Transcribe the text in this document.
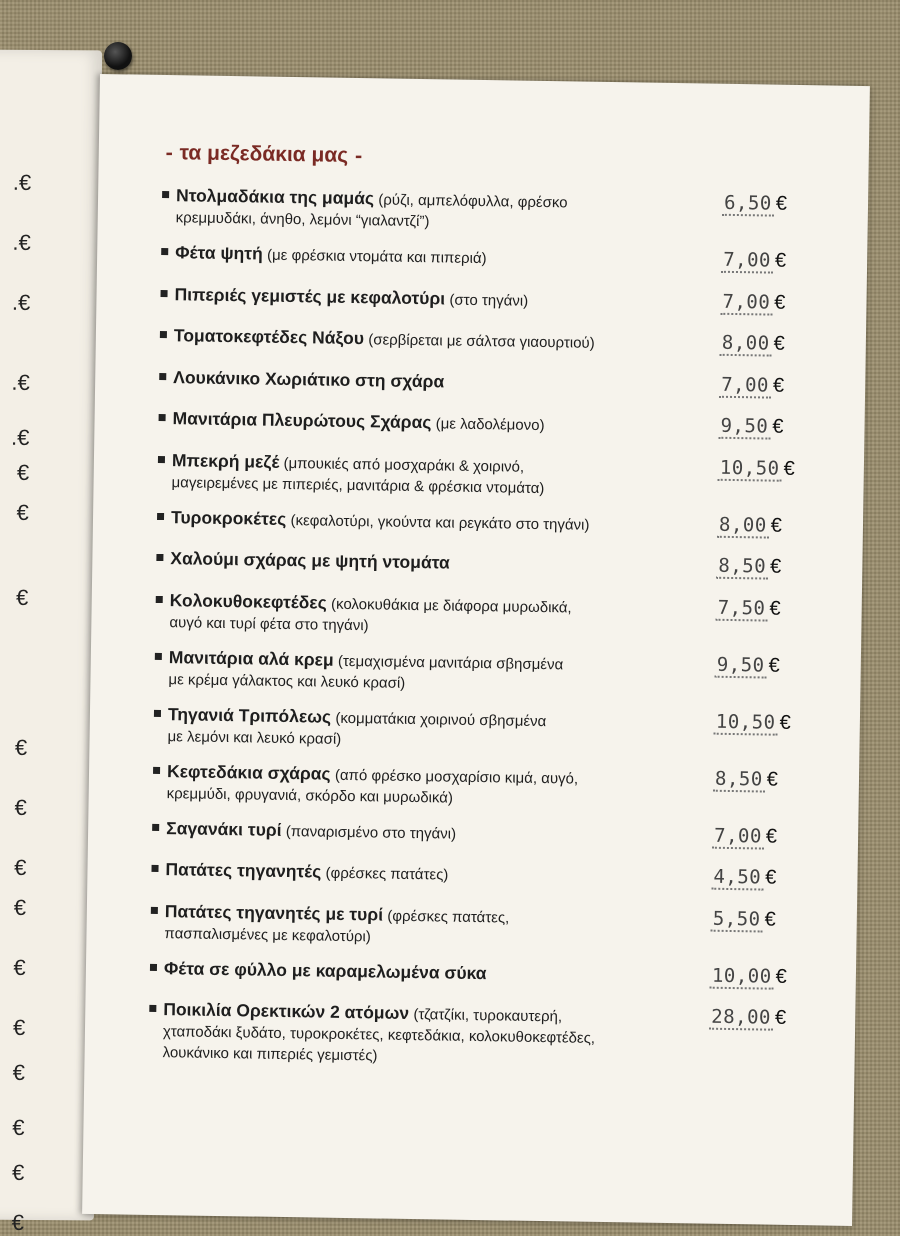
.€
.€
.€
.€
.€
€
€
€
€
€
€
€
€
€
€
€
€
€
⁃ τα μεζεδάκια μας ⁃
Ντολμαδάκια της μαμάς (ρύζι, αμπελόφυλλα, φρέσκο
κρεμμυδάκι, άνηθο, λεμόνι “γιαλαντζί”)
6,50 €
Φέτα ψητή (με φρέσκια ντομάτα και πιπεριά)	7,00 €
Πιπεριές γεμιστές με κεφαλοτύρι (στο τηγάνι)	7,00 €
Τοματοκεφτέδες Νάξου (σερβίρεται με σάλτσα γιαουρτιού)	8,00 €
Λουκάνικο Χωριάτικο στη σχάρα	7,00 €
Μανιτάρια Πλευρώτους Σχάρας (με λαδολέμονο)	9,50 €
Μπεκρή μεζέ (μπουκιές από μοσχαράκι & χοιρινό,
μαγειρεμένες με πιπεριές, μανιτάρια & φρέσκια ντομάτα)
10,50 €
Τυροκροκέτες (κεφαλοτύρι, γκούντα και ρεγκάτο στο τηγάνι)	8,00 €
Χαλούμι σχάρας με ψητή ντομάτα	8,50 €
Κολοκυθοκεφτέδες (κολοκυθάκια με διάφορα μυρωδικά,
αυγό και τυρί φέτα στο τηγάνι)
7,50 €
Μανιτάρια αλά κρεμ (τεμαχισμένα μανιτάρια σβησμένα
με κρέμα γάλακτος και λευκό κρασί)
9,50 €
Τηγανιά Τριπόλεως (κομματάκια χοιρινού σβησμένα
με λεμόνι και λευκό κρασί)
10,50 €
Κεφτεδάκια σχάρας (από φρέσκο μοσχαρίσιο κιμά, αυγό,
κρεμμύδι, φρυγανιά, σκόρδο και μυρωδικά)
8,50 €
Σαγανάκι τυρί (παναρισμένο στο τηγάνι)	7,00 €
Πατάτες τηγανητές (φρέσκες πατάτες)	4,50 €
Πατάτες τηγανητές με τυρί (φρέσκες πατάτες,
πασπαλισμένες με κεφαλοτύρι)
5,50 €
Φέτα σε φύλλο με καραμελωμένα σύκα	10,00 €
Ποικιλία Ορεκτικών 2 ατόμων (τζατζίκι, τυροκαυτερή,
χταποδάκι ξυδάτο, τυροκροκέτες, κεφτεδάκια, κολοκυθοκεφτέδες,
λουκάνικο και πιπεριές γεμιστές)
28,00 €
